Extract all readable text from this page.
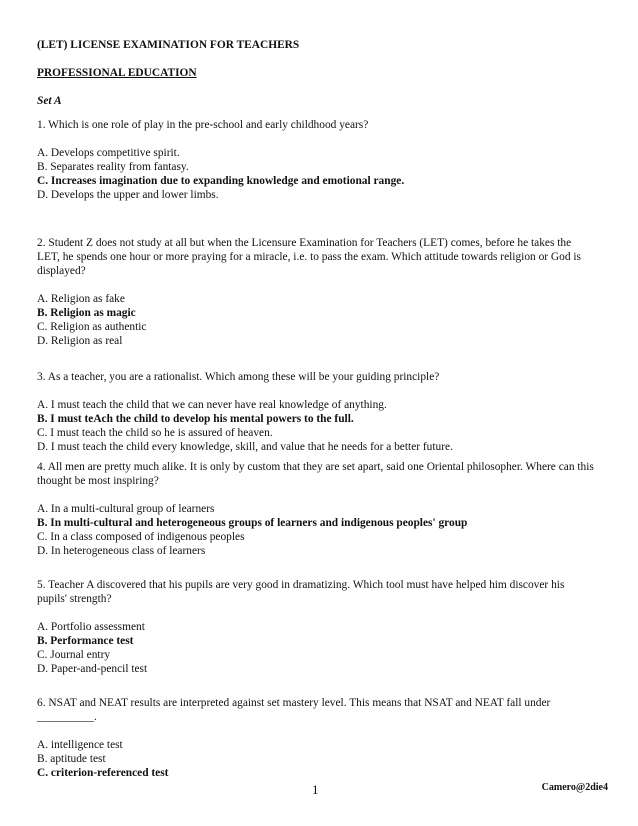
(LET) LICENSE EXAMINATION FOR TEACHERS
PROFESSIONAL EDUCATION
Set A
1. Which is one role of play in the pre-school and early childhood years?
A. Develops competitive spirit.
B. Separates reality from fantasy.
C. Increases imagination due to expanding knowledge and emotional range.
D. Develops the upper and lower limbs.
2. Student Z does not study at all but when the Licensure Examination for Teachers (LET) comes, before he takes the
LET, he spends one hour or more praying for a miracle, i.e. to pass the exam. Which attitude towards religion or God is
displayed?
A. Religion as fake
B. Religion as magic
C. Religion as authentic
D. Religion as real
3. As a teacher, you are a rationalist. Which among these will be your guiding principle?
A. I must teach the child that we can never have real knowledge of anything.
B. I must teAch the child to develop his mental powers to the full.
C. I must teach the child so he is assured of heaven.
D. I must teach the child every knowledge, skill, and value that he needs for a better future.
4. All men are pretty much alike. It is only by custom that they are set apart, said one Oriental philosopher. Where can this
thought be most inspiring?
A. In a multi-cultural group of learners
B. In multi-cultural and heterogeneous groups of learners and indigenous peoples' group
C. In a class composed of indigenous peoples
D. In heterogeneous class of learners
5. Teacher A discovered that his pupils are very good in dramatizing. Which tool must have helped him discover his
pupils' strength?
A. Portfolio assessment
B. Performance test
C. Journal entry
D. Paper-and-pencil test
6. NSAT and NEAT results are interpreted against set mastery level. This means that NSAT and NEAT fall under
__________.
A. intelligence test
B. aptitude test
C. criterion-referenced test
1	Camero@2die4
